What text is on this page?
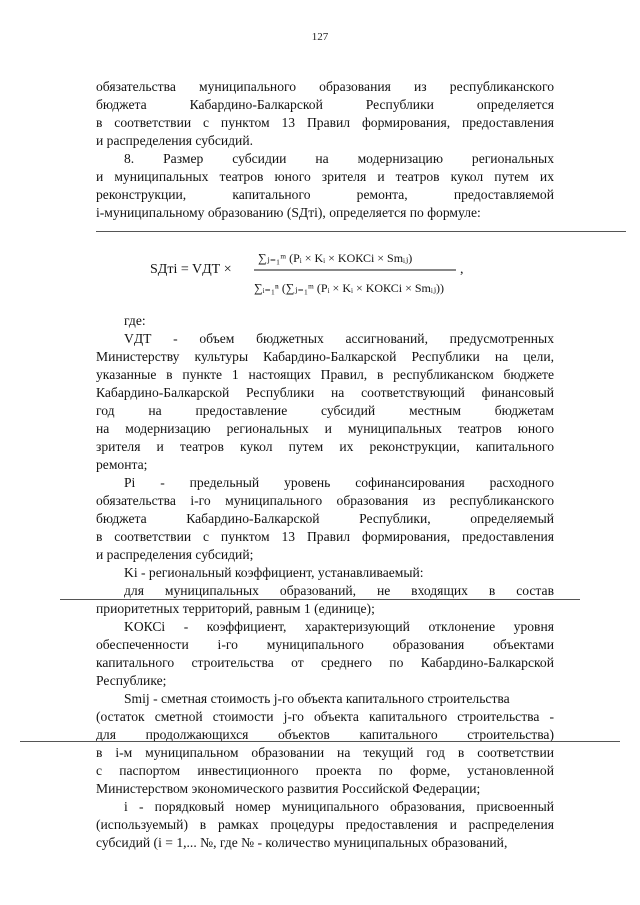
127
обязательства муниципального образования из республиканского
бюджета Кабардино-Балкарской Республики определяется
в соответствии с пунктом 13 Правил формирования, предоставления
и распределения субсидий.
8. Размер субсидии на модернизацию региональных
и муниципальных театров юного зрителя и театров кукол путем их
реконструкции, капитального ремонта, предоставляемой
i-муниципальному образованию (SДтi), определяется по формуле:
SДтi = VДТ ×
∑ⱼ₌₁ᵐ (Pᵢ × Kᵢ × KОКСi × Smᵢⱼ)
∑ᵢ₌₁ⁿ (∑ⱼ₌₁ᵐ (Pᵢ × Kᵢ × KОКСi × Smᵢⱼ))
,
где:
VДТ - объем бюджетных ассигнований, предусмотренных
Министерству культуры Кабардино-Балкарской Республики на цели,
указанные в пункте 1 настоящих Правил, в республиканском бюджете
Кабардино-Балкарской Республики на соответствующий финансовый
год на предоставление субсидий местным бюджетам
на модернизацию региональных и муниципальных театров юного
зрителя и театров кукол путем их реконструкции, капитального
ремонта;
Pi - предельный уровень софинансирования расходного
обязательства i-го муниципального образования из республиканского
бюджета Кабардино-Балкарской Республики, определяемый
в соответствии с пунктом 13 Правил формирования, предоставления
и распределения субсидий;
Ki - региональный коэффициент, устанавливаемый:
для муниципальных образований, не входящих в состав
приоритетных территорий, равным 1 (единице);
KОКСi - коэффициент, характеризующий отклонение уровня
обеспеченности i-го муниципального образования объектами
капитального строительства от среднего по Кабардино-Балкарской
Республике;
Smij - сметная стоимость j-го объекта капитального строительства
(остаток сметной стоимости j-го объекта капитального строительства -
для продолжающихся объектов капитального строительства)
в i-м муниципальном образовании на текущий год в соответствии
с паспортом инвестиционного проекта по форме, установленной
Министерством экономического развития Российской Федерации;
i - порядковый номер муниципального образования, присвоенный
(используемый) в рамках процедуры предоставления и распределения
субсидий (i = 1,... №, где № - количество муниципальных образований,
